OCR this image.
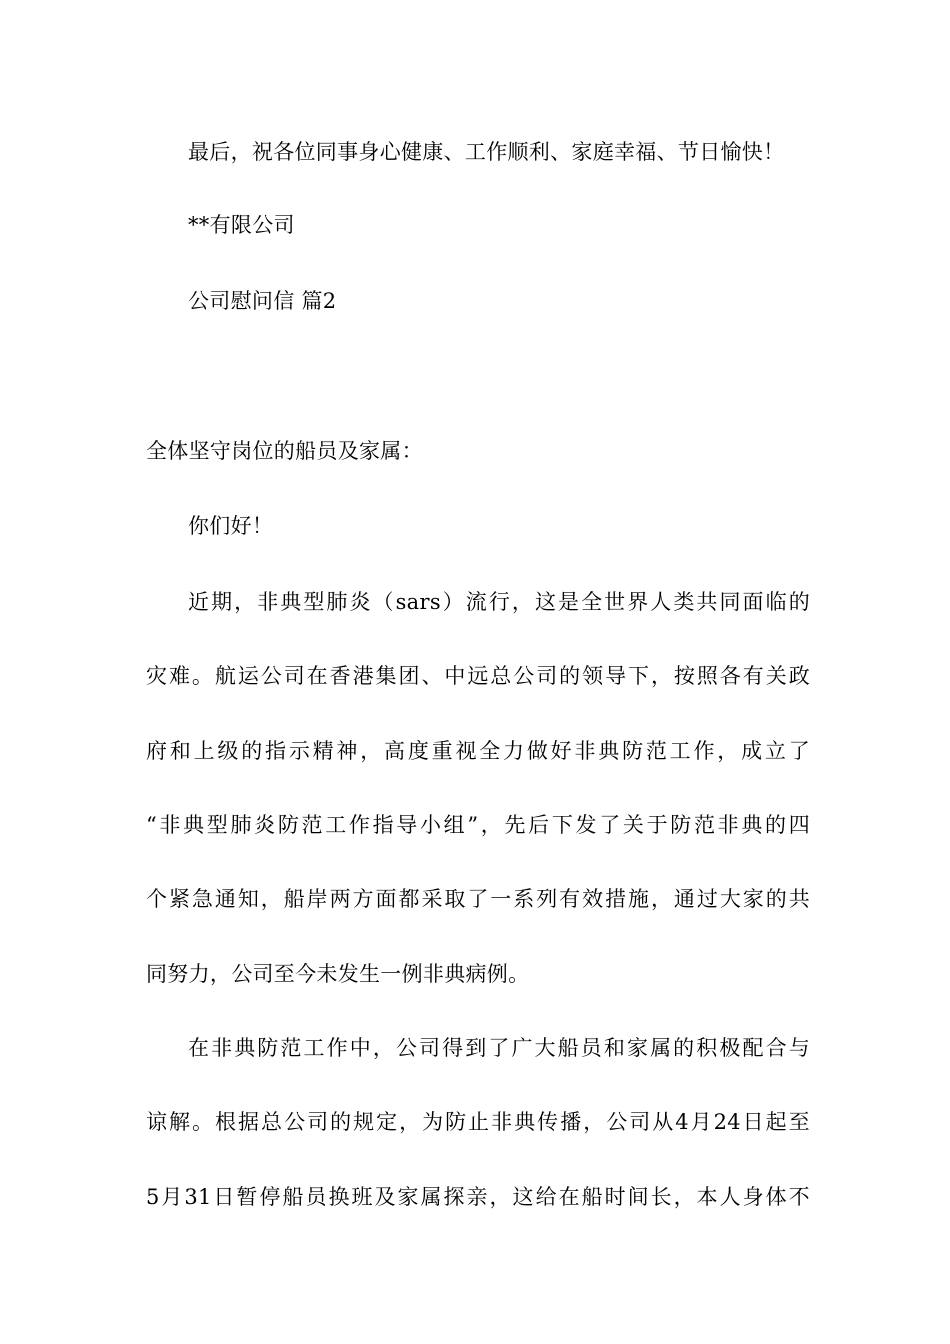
最后，祝各位同事身心健康、工作顺利、家庭幸福、节日愉快！
**有限公司
公司慰问信 篇2
全体坚守岗位的船员及家属：
你们好！
近期，非典型肺炎（sars）流行，这是全世界人类共同面临的
灾难。航运公司在香港集团、中远总公司的领导下，按照各有关政
府和上级的指示精神，高度重视全力做好非典防范工作，成立了
“非典型肺炎防范工作指导小组”，先后下发了关于防范非典的四
个紧急通知，船岸两方面都采取了一系列有效措施，通过大家的共
同努力，公司至今未发生一例非典病例。
在非典防范工作中，公司得到了广大船员和家属的积极配合与
谅解。根据总公司的规定，为防止非典传播，公司从4月24日起至
5月31日暂停船员换班及家属探亲，这给在船时间长，本人身体不
